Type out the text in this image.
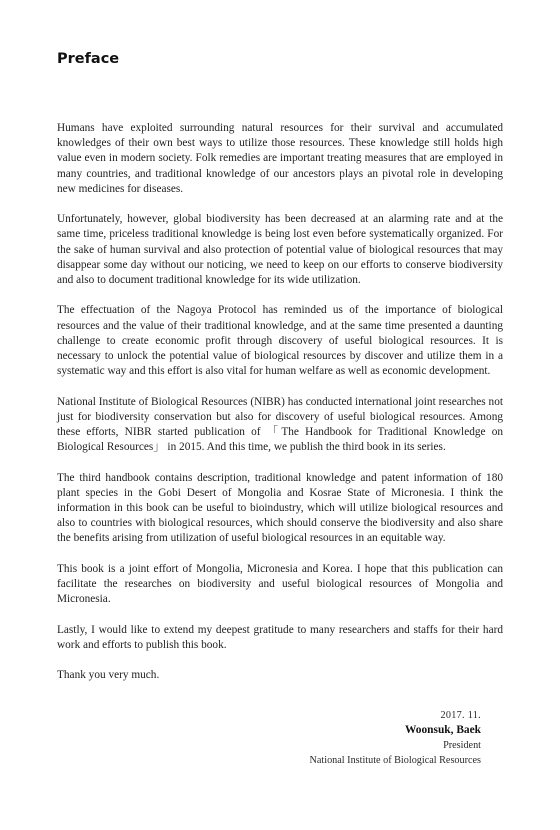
Preface

Humans have exploited surrounding natural resources for their survival and accumulated knowledges of their own best ways to utilize those resources. These knowledge still holds high value even in modern society. Folk remedies are important treating measures that are employed in many countries, and traditional knowledge of our ancestors plays an pivotal role in developing new medicines for diseases.

Unfortunately, however, global biodiversity has been decreased at an alarming rate and at the same time, priceless traditional knowledge is being lost even before systematically organized. For the sake of human survival and also protection of potential value of biological resources that may disappear some day without our noticing, we need to keep on our efforts to conserve biodiversity and also to document traditional knowledge for its wide utilization.

The effectuation of the Nagoya Protocol has reminded us of the importance of biological resources and the value of their traditional knowledge, and at the same time presented a daunting challenge to create economic profit through discovery of useful biological resources. It is necessary to unlock the potential value of biological resources by discover and utilize them in a systematic way and this effort is also vital for human welfare as well as economic development.

National Institute of Biological Resources (NIBR) has conducted international joint researches not just for biodiversity conservation but also for discovery of useful biological resources. Among these efforts, NIBR started publication of 「The Handbook for Traditional Knowledge on Biological Resources」 in 2015. And this time, we publish the third book in its series.

The third handbook contains description, traditional knowledge and patent information of 180 plant species in the Gobi Desert of Mongolia and Kosrae State of Micronesia. I think the information in this book can be useful to bioindustry, which will utilize biological resources and also to countries with biological resources, which should conserve the biodiversity and also share the benefits arising from utilization of useful biological resources in an equitable way.

This book is a joint effort of Mongolia, Micronesia and Korea. I hope that this publication can facilitate the researches on biodiversity and useful biological resources of Mongolia and Micronesia.

Lastly, I would like to extend my deepest gratitude to many researchers and staffs for their hard work and efforts to publish this book.

Thank you very much.

2017. 11.
Woonsuk, Baek
President
National Institute of Biological Resources
